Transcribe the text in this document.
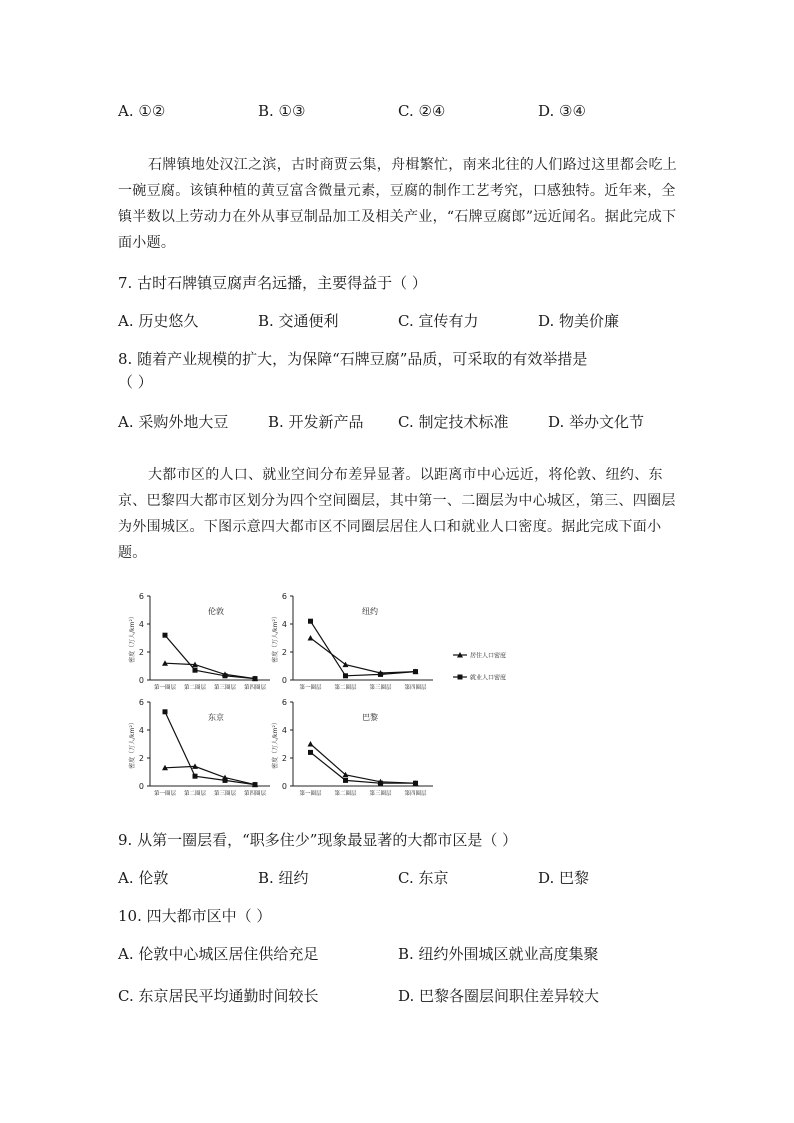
A. ①②	B. ①③	C. ②④	D. ③④
石牌镇地处汉江之滨，古时商贾云集，舟楫繁忙，南来北往的人们路过这里都会吃上一碗豆腐。该镇种植的黄豆富含微量元素，豆腐的制作工艺考究，口感独特。近年来，全镇半数以上劳动力在外从事豆制品加工及相关产业，“石牌豆腐郎”远近闻名。据此完成下面小题。
7. 古时石牌镇豆腐声名远播，主要得益于（ ）
A. 历史悠久	B. 交通便利	C. 宣传有力	D. 物美价廉
8. 随着产业规模的扩大，为保障“石牌豆腐”品质，可采取的有效举措是
（ ）
A. 采购外地大豆	B. 开发新产品 C. 制定技术标准	D. 举办文化节
大都市区的人口、就业空间分布差异显著。以距离市中心远近，将伦敦、纽约、东京、巴黎四大都市区划分为四个空间圈层，其中第一、二圈层为中心城区，第三、四圈层为外围城区。下图示意四大都市区不同圈层居住人口和就业人口密度。据此完成下面小题。
0
2
4
6
密度（万人/km²）
第一圈层 第二圈层 第三圈层 第四圈层
伦敦
0
2
4
6
密度（万人/km²）
第一圈层 第二圈层 第三圈层 第四圈层
纽约
0
2
4
6
密度（万人/km²）
第一圈层 第二圈层 第三圈层 第四圈层
东京
0
2
4
6
密度（万人/km²）
第一圈层 第二圈层 第三圈层 第四圈层
巴黎
居住人口密度
就业人口密度
9. 从第一圈层看，“职多住少”现象最显著的大都市区是（ ）
A. 伦敦	B. 纽约	C. 东京	D. 巴黎
10. 四大都市区中（ ）
A. 伦敦中心城区居住供给充足	B. 纽约外围城区就业高度集聚
C. 东京居民平均通勤时间较长	D. 巴黎各圈层间职住差异较大
